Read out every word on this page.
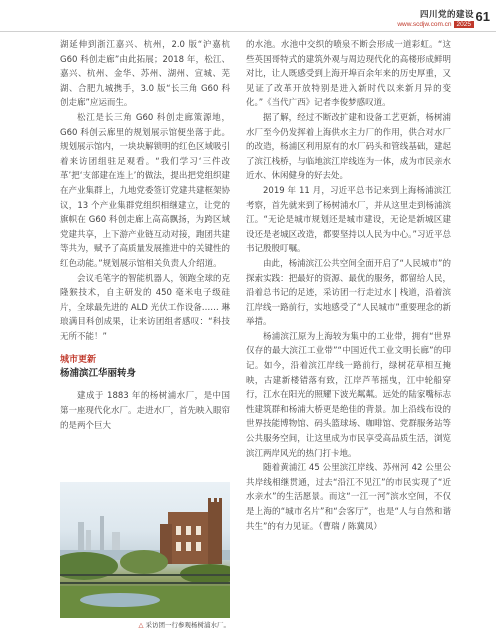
四川党的建设
www.scdjw.com.cn 2025
61

湖延伸到浙江嘉兴、杭州，2.0 版“沪嘉杭 G60 科创走廊”由此拓展；2018 年，松江、嘉兴、杭州、金华、苏州、湖州、宣城、芜湖、合肥九城携手，3.0 版“长三角 G60 科创走廊”应运而生。

松江是长三角 G60 科创走廊策源地，G60 科创云廊里的规划展示馆便坐落于此。规划展示馆内，一块块解锁明的红色区域吸引着来访团组驻足观看。“我们学习‘三件改革’把‘支部建在连上’的做法，提出把党组织建在产业集群上，九地党委签订党建共建框架协议，13 个产业集群党组织相继建立，让党的旗帜在 G60 科创走廊上高高飘扬，为跨区域党建共享，上下游产业链互动对接，跑团共建等共为，赋予了高质量发展推进中的关键性的红色动能。”规划展示馆相关负责人介绍道。

会议毛笔字的智能机器人，领跑全球的克隆猴技术，自主研发的 450 毫米电子级硅片，全球最先进的 ALD 光伏工作设备…… 琳琅满目科创成果，让来访团组者感叹：“科技无所不能！”

城市更新
杨浦滨江华丽转身

建成于 1883 年的杨树浦水厂，是中国第一座现代化水厂。走进水厂，首先映入眼帘的是两个巨大

△ 采访团一行参观杨树浦水厂。

的水池。水池中交织的喷泉不断会形成一道彩虹。“这些英国哥特式的建筑外观与周边现代化的高楼形成鲜明对比，让人既感受到上海开埠百余年来的历史厚重，又见证了改革开放特别是进入新时代以来新月异的变化。”《当代广西》记者李俊梦感叹道。

据了解，经过不断改扩建和设备工艺更新，杨树浦水厂至今仍发挥着上海供水主力厂的作用，供合对水厂的改造，杨浦区利用原有的水厂码头和管线基础，建起了滨江栈桥，与临地滨江岸线连为一体，成为市民亲水近水、休闲健身的好去处。

2019 年 11 月，习近平总书记来到上海杨浦滨江考察，首先就来到了杨树浦水厂，并从这里走到杨浦滨江。“无论是城市规划还是城市建设，无论是新城区建设还是老城区改造，都要坚持以人民为中心。”习近平总书记殷殷叮嘱。

由此，杨浦滨江公共空间全面开启了“人民城市”的探索实践：把最好的资源、最优的服务，都留给人民，沿着总书记的足迹，采访团一行走过水 | 栈道，沿着滨江岸线一路前行，实地感受了“人民城市”重要理念的新举措。

杨浦滨江原为上海较为集中的工业带，拥有“世界仅存的最大滨江工业带”“中国近代工业文明长廊”的印记。如今，沿着滨江岸线一路前行，绿树花草相互掩映，古建新楼错落有致，江岸芦苇摇曳，江中轮船穿行，江水在阳光的照耀下波光粼粼。远处的陆家嘴标志性建筑群和杨浦大桥更是绝佳的背景。加上沿线布设的世界技能博物馆、码头篮球场、咖啡馆、党群服务站等公共服务空间，让这里成为市民享受高品质生活，浏览滨江两岸风光的热门打卡地。

随着黄浦江 45 公里滨江岸线、苏州河 42 公里公共岸线相继贯通，过去“沿江不见江”的市民实现了“近水亲水”的生活愿景。而这“一江一河”滨水空间，不仅是上海的“城市名片”和“会客厅”，也是“人与自然和谐共生”的有力见证。（曹瑞 / 陈冀凤）
